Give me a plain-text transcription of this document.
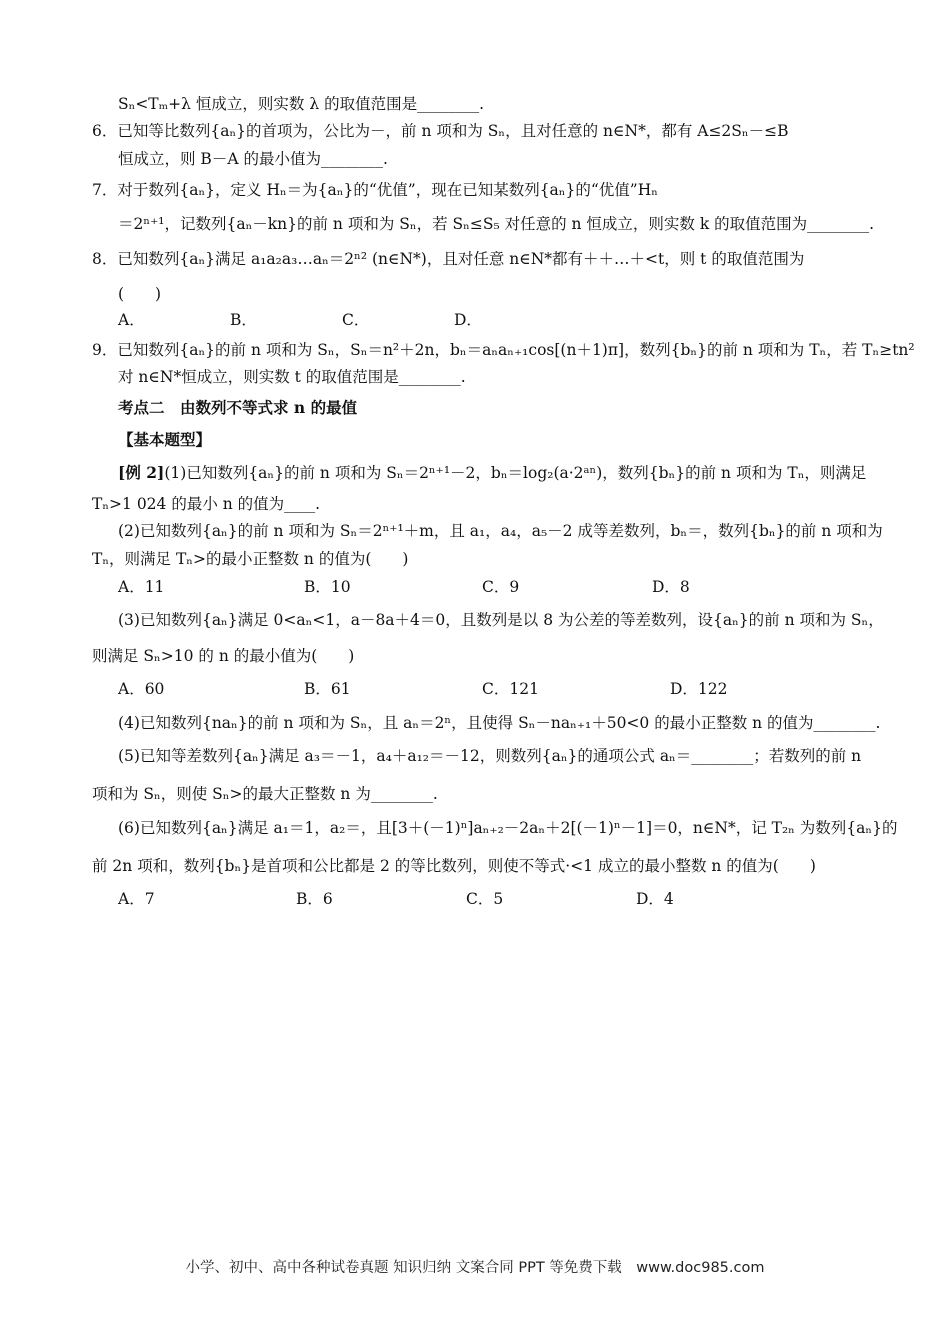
Sₙ<Tₘ+λ 恒成立，则实数 λ 的取值范围是________.
6．已知等比数列{aₙ}的首项为，公比为－，前 n 项和为 Sₙ，且对任意的 n∈N*，都有 A≤2Sₙ－≤B
恒成立，则 B－A 的最小值为________.
7．对于数列{aₙ}，定义 Hₙ＝为{aₙ}的“优值”，现在已知某数列{aₙ}的“优值”Hₙ
＝2ⁿ⁺¹，记数列{aₙ－kn}的前 n 项和为 Sₙ，若 Sₙ≤S₅ 对任意的 n 恒成立，则实数 k 的取值范围为________.
8．已知数列{aₙ}满足 a₁a₂a₃…aₙ＝2ⁿ² (n∈N*)，且对任意 n∈N*都有＋＋…＋<t，则 t 的取值范围为
(　　)
A．	B．	C．	D．
9．已知数列{aₙ}的前 n 项和为 Sₙ，Sₙ＝n²＋2n，bₙ＝aₙaₙ₊₁cos[(n＋1)π]，数列{bₙ}的前 n 项和为 Tₙ，若 Tₙ≥tn²
对 n∈N*恒成立，则实数 t 的取值范围是________.
考点二　由数列不等式求 n 的最值
【基本题型】
[例 2](1)已知数列{aₙ}的前 n 项和为 Sₙ＝2ⁿ⁺¹－2，bₙ＝log₂(a·2ᵃⁿ)，数列{bₙ}的前 n 项和为 Tₙ，则满足
Tₙ>1 024 的最小 n 的值为____.
(2)已知数列{aₙ}的前 n 项和为 Sₙ＝2ⁿ⁺¹＋m，且 a₁，a₄，a₅－2 成等差数列，bₙ＝，数列{bₙ}的前 n 项和为
Tₙ，则满足 Tₙ>的最小正整数 n 的值为(　　)
A．11	B．10	C．9	D．8
(3)已知数列{aₙ}满足 0<aₙ<1，a－8a＋4＝0，且数列是以 8 为公差的等差数列，设{aₙ}的前 n 项和为 Sₙ，
则满足 Sₙ>10 的 n 的最小值为(　　)
A．60	B．61	C．121	D．122
(4)已知数列{naₙ}的前 n 项和为 Sₙ，且 aₙ＝2ⁿ，且使得 Sₙ－naₙ₊₁＋50<0 的最小正整数 n 的值为________.
(5)已知等差数列{aₙ}满足 a₃＝－1，a₄＋a₁₂＝－12，则数列{aₙ}的通项公式 aₙ＝________；若数列的前 n
项和为 Sₙ，则使 Sₙ>的最大正整数 n 为________.
(6)已知数列{aₙ}满足 a₁＝1，a₂＝，且[3＋(－1)ⁿ]aₙ₊₂－2aₙ＋2[(－1)ⁿ－1]＝0，n∈N*，记 T₂ₙ 为数列{aₙ}的
前 2n 项和，数列{bₙ}是首项和公比都是 2 的等比数列，则使不等式·<1 成立的最小整数 n 的值为(　　)
A．7	B．6	C．5	D．4
小学、初中、高中各种试卷真题 知识归纳 文案合同 PPT 等免费下载　www.doc985.com
